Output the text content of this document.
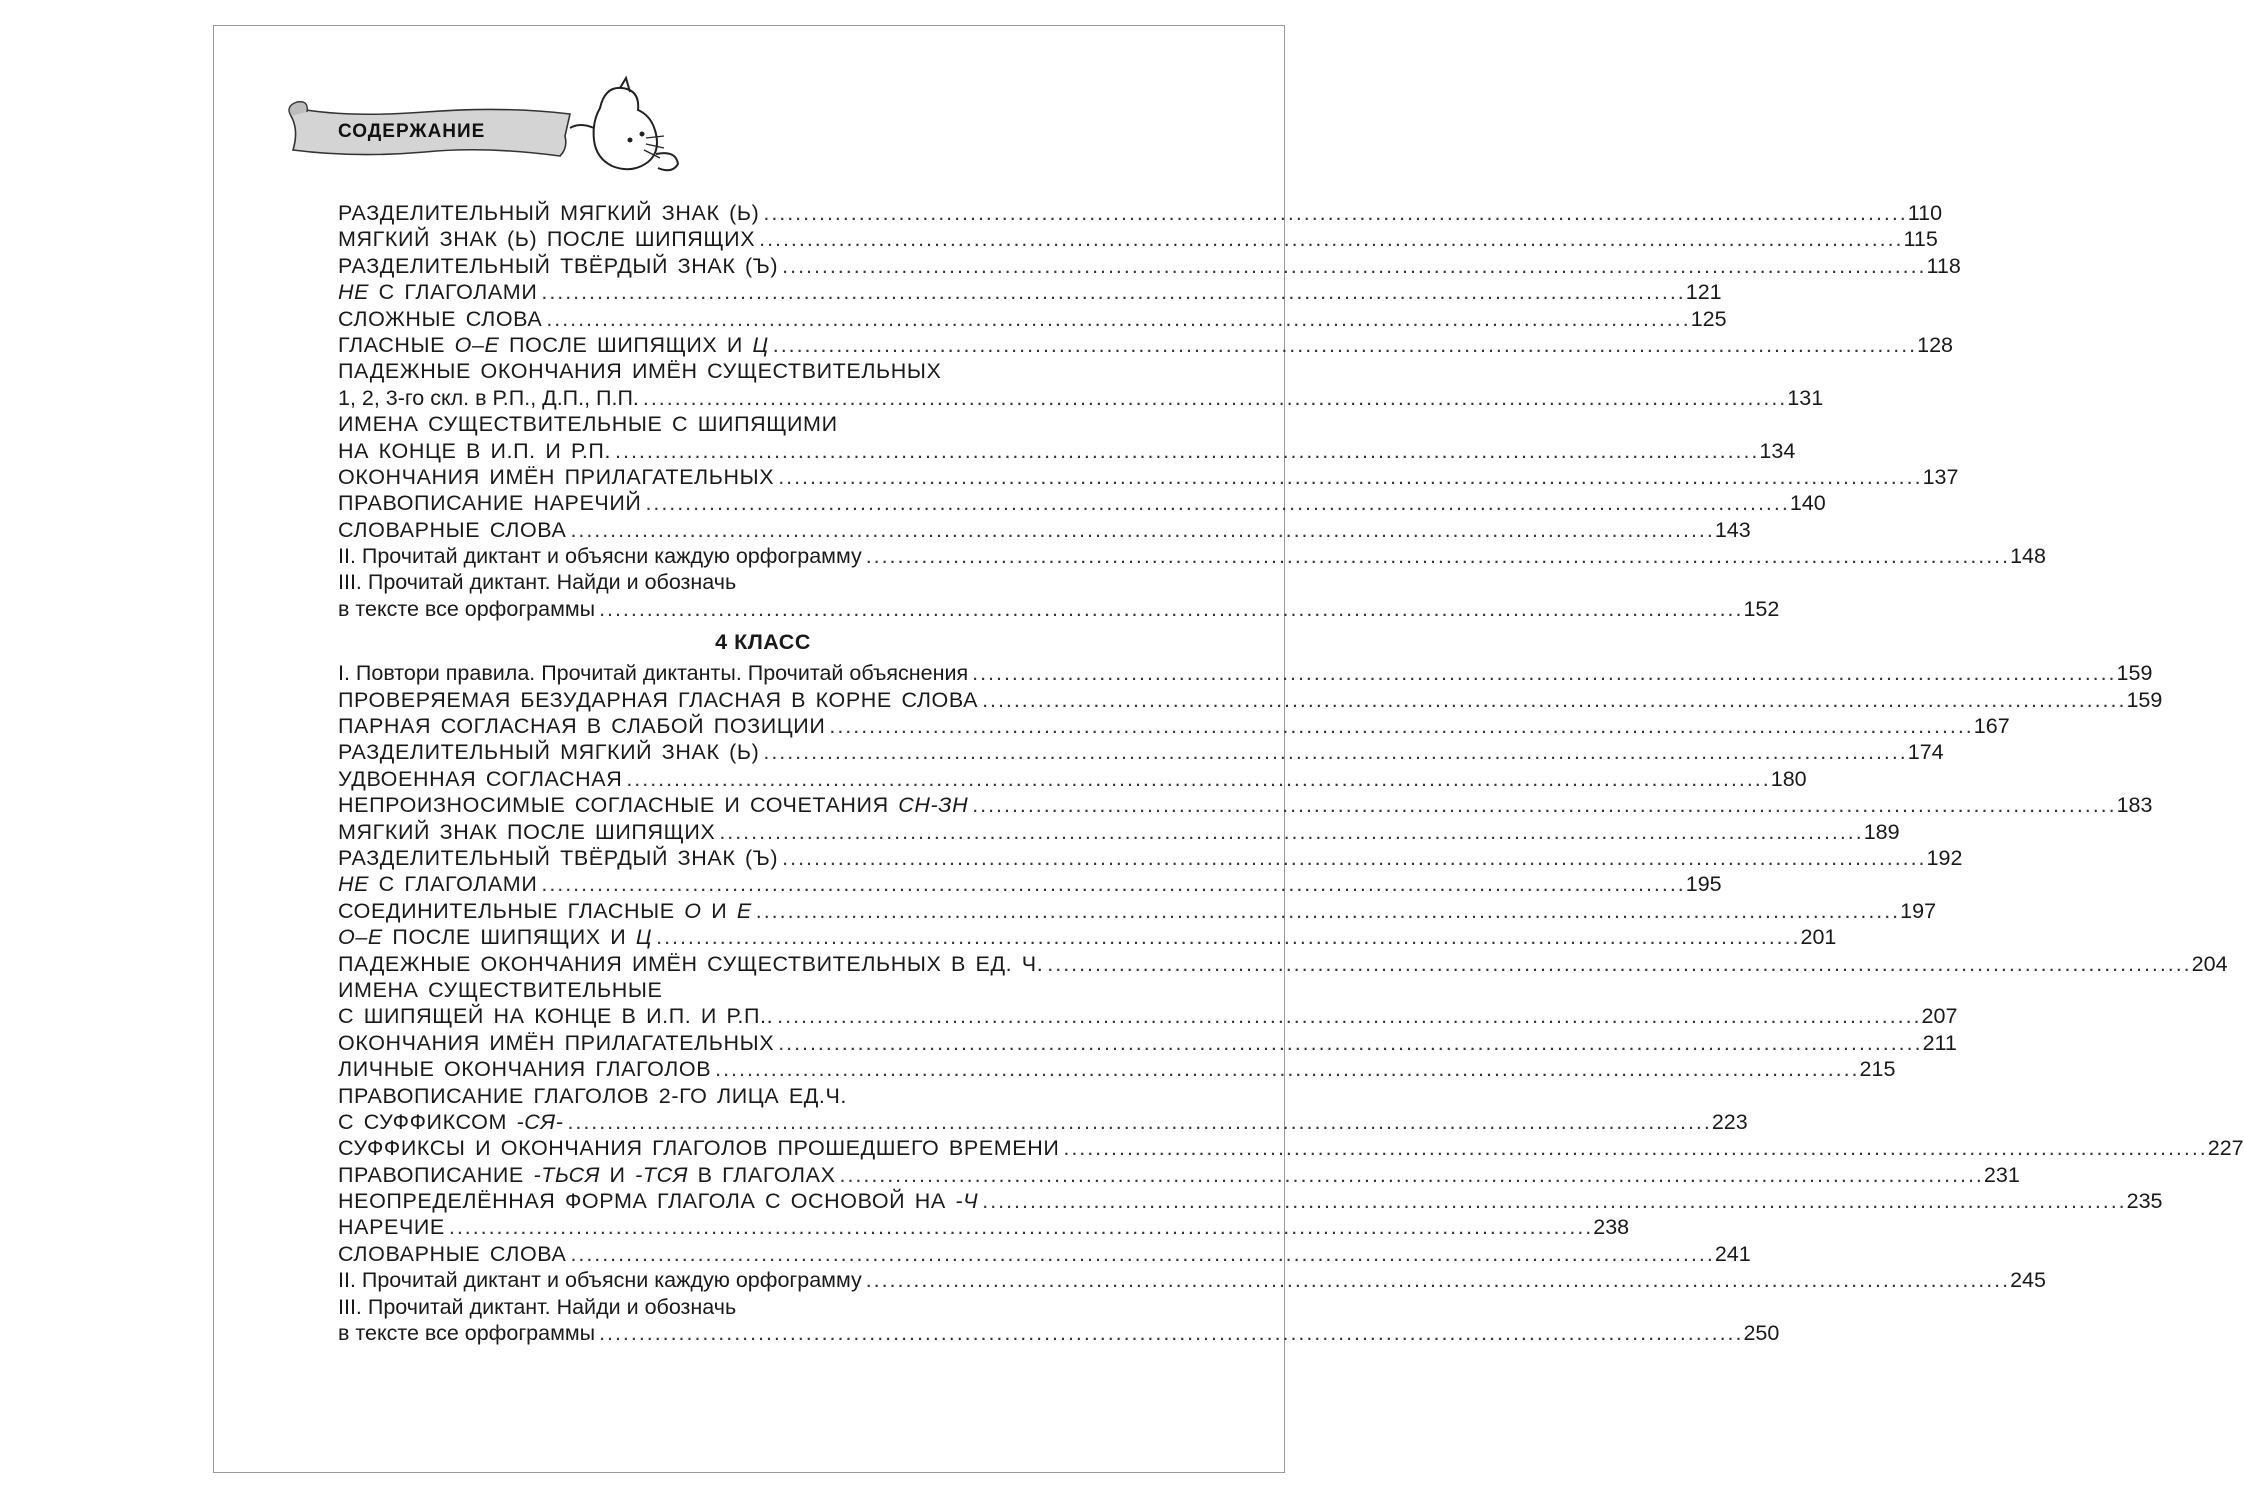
СОДЕРЖАНИЕ
РАЗДЕЛИТЕЛЬНЫЙ МЯГКИЙ ЗНАК (Ь) . . .	110
МЯГКИЙ ЗНАК (Ь) ПОСЛЕ ШИПЯЩИХ . . .	115
РАЗДЕЛИТЕЛЬНЫЙ ТВЁРДЫЙ ЗНАК (Ъ) . . .	118
НЕ С ГЛАГОЛАМИ . . .	121
СЛОЖНЫЕ СЛОВА . . .	125
ГЛАСНЫЕ О–Е ПОСЛЕ ШИПЯЩИХ И Ц . . .	128
ПАДЕЖНЫЕ ОКОНЧАНИЯ ИМЁН СУЩЕСТВИТЕЛЬНЫХ
1, 2, 3-го скл. в Р.П., Д.П., П.П. . . .	131
ИМЕНА СУЩЕСТВИТЕЛЬНЫЕ С ШИПЯЩИМИ
НА КОНЦЕ В И.П. И Р.П. . . .	134
ОКОНЧАНИЯ ИМЁН ПРИЛАГАТЕЛЬНЫХ . . .	137
ПРАВОПИСАНИЕ НАРЕЧИЙ . . .	140
СЛОВАРНЫЕ СЛОВА . . .	143
II. Прочитай диктант и объясни каждую орфограмму . . .	148
III. Прочитай диктант. Найди и обозначь
в тексте все орфограммы . . .	152
4 КЛАСС
I. Повтори правила. Прочитай диктанты. Прочитай объяснения . . .	159
ПРОВЕРЯЕМАЯ БЕЗУДАРНАЯ ГЛАСНАЯ В КОРНЕ СЛОВА . . .	159
ПАРНАЯ СОГЛАСНАЯ В СЛАБОЙ ПОЗИЦИИ . . .	167
РАЗДЕЛИТЕЛЬНЫЙ МЯГКИЙ ЗНАК (Ь) . . .	174
УДВОЕННАЯ СОГЛАСНАЯ . . .	180
НЕПРОИЗНОСИМЫЕ СОГЛАСНЫЕ И СОЧЕТАНИЯ СН-ЗН . . .	183
МЯГКИЙ ЗНАК ПОСЛЕ ШИПЯЩИХ . . .	189
РАЗДЕЛИТЕЛЬНЫЙ ТВЁРДЫЙ ЗНАК (Ъ) . . .	192
НЕ С ГЛАГОЛАМИ . . .	195
СОЕДИНИТЕЛЬНЫЕ ГЛАСНЫЕ О И Е . . .	197
О–Е ПОСЛЕ ШИПЯЩИХ И Ц . . .	201
ПАДЕЖНЫЕ ОКОНЧАНИЯ ИМЁН СУЩЕСТВИТЕЛЬНЫХ В ЕД. Ч. . . .	204
ИМЕНА СУЩЕСТВИТЕЛЬНЫЕ
С ШИПЯЩЕЙ НА КОНЦЕ В И.П. И Р.П.. . . .	207
ОКОНЧАНИЯ ИМЁН ПРИЛАГАТЕЛЬНЫХ . . .	211
ЛИЧНЫЕ ОКОНЧАНИЯ ГЛАГОЛОВ . . .	215
ПРАВОПИСАНИЕ ГЛАГОЛОВ 2-ГО ЛИЦА ЕД.Ч.
С СУФФИКСОМ -СЯ- . . .	223
СУФФИКСЫ И ОКОНЧАНИЯ ГЛАГОЛОВ ПРОШЕДШЕГО ВРЕМЕНИ . . .	227
ПРАВОПИСАНИЕ -ТЬСЯ И -ТСЯ В ГЛАГОЛАХ . . .	231
НЕОПРЕДЕЛЁННАЯ ФОРМА ГЛАГОЛА С ОСНОВОЙ НА -Ч . . .	235
НАРЕЧИЕ . . .	238
СЛОВАРНЫЕ СЛОВА . . .	241
II. Прочитай диктант и объясни каждую орфограмму . . .	245
III. Прочитай диктант. Найди и обозначь
в тексте все орфограммы . . .	250
